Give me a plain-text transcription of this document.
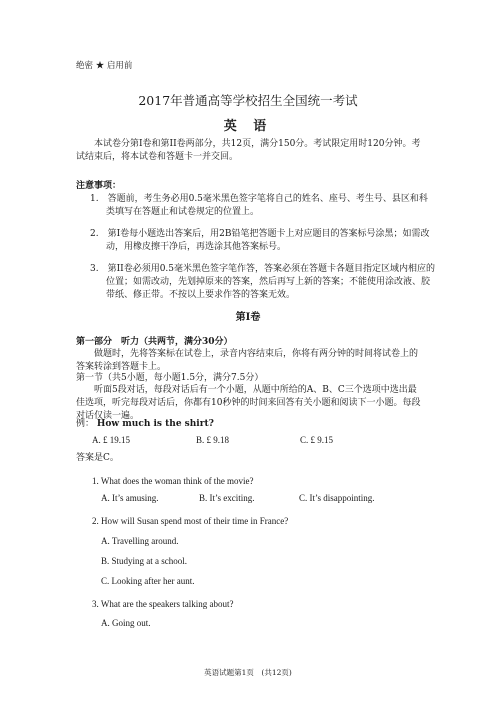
绝密 ★ 启用前
2017年普通高等学校招生全国统一考试
英 语
本试卷分第I卷和第II卷两部分，共12页，满分150分。考试限定用时120分钟。考试结束后，将本试卷和答题卡一并交回。
注意事项：
1.　答题前，考生务必用0.5毫米黑色签字笔将自己的姓名、座号、考生号、县区和科类填写在答题止和试卷规定的位置上。
2.　第I卷每小题选出答案后，用2B铅笔把答题卡上对应题目的答案标号涂黑；如需改动，用橡皮擦干净后，再选涂其他答案标号。
3.　第II卷必须用0.5毫米黑色签字笔作答，答案必须在答题卡各题目指定区域内相应的位置；如需改动，先划掉原来的答案，然后再写上新的答案；不能使用涂改液、胶带纸、修正带。不按以上要求作答的答案无效。
第I卷
第一部分　听力（共两节，满分30分）
做题时，先将答案标在试卷上，录音内容结束后，你将有两分钟的时间将试卷上的答案转涂到答题卡上。
第一节（共5小题，每小题1.5分，满分7.5分）
听面5段对话，每段对话后有一个小题，从题中所给的A、B、C三个选项中选出最佳选项，听完每段对话后，你都有10秒钟的时间来回答有关小题和阅读下一小题。每段对话仅读一遍。
例： How much is the shirt?
A. £ 19.15	B. £ 9.18	C. £ 9.15
答案是C。
1. What does the woman think of the movie?
A. It’s amusing.	B. It’s exciting.	C. It’s disappointing.
2. How will Susan spend most of their time in France?
A. Travelling around.
B. Studying at a school.
C. Looking after her aunt.
3. What are the speakers talking about?
A. Going out.
英语试题第1页　(共12页)
